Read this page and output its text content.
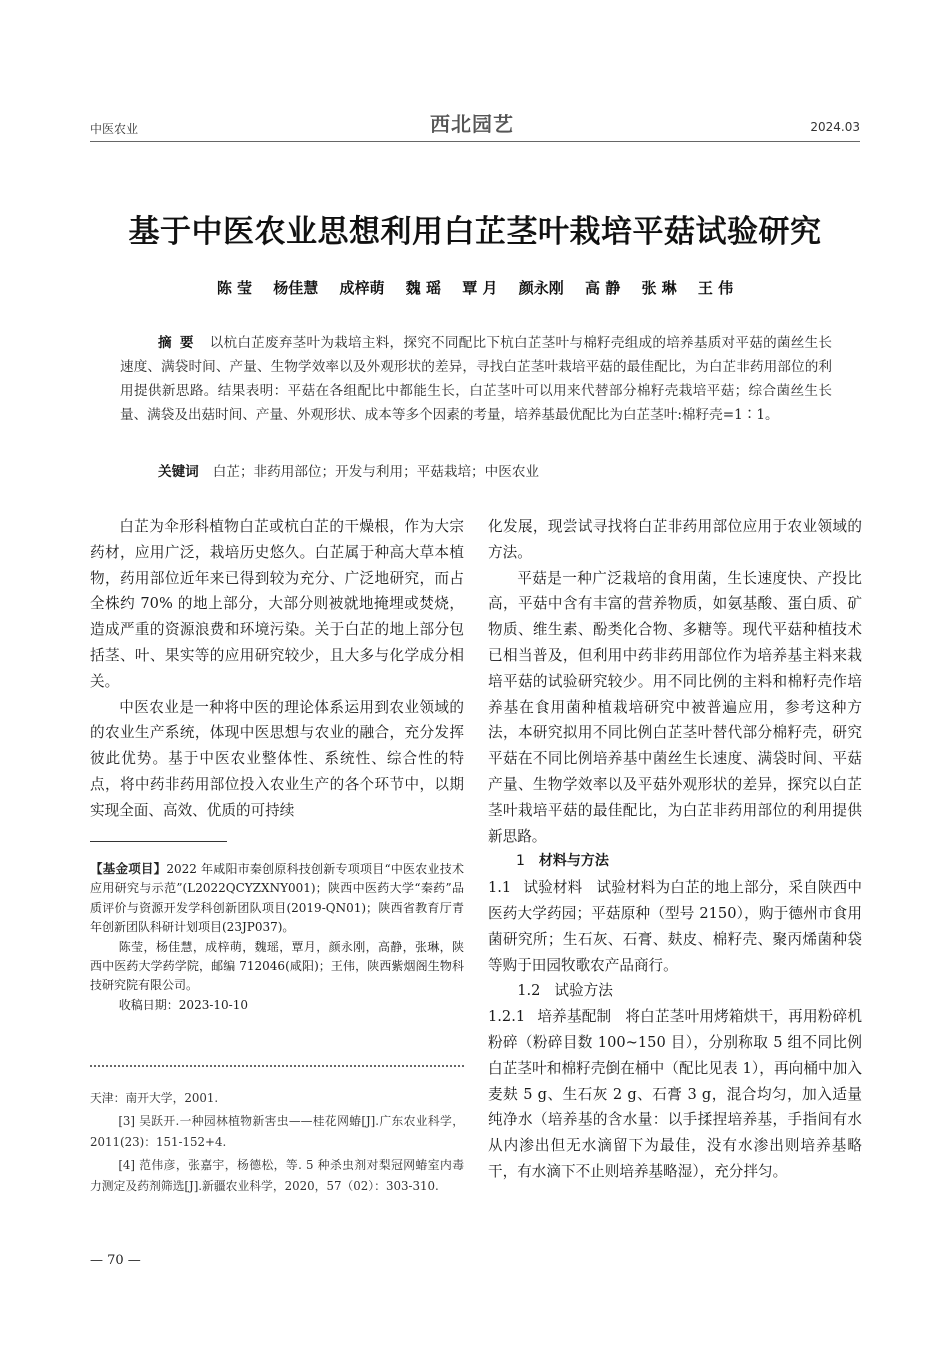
中医农业	西北园艺	2024.03
基于中医农业思想利用白芷茎叶栽培平菇试验研究
陈 莹 杨佳慧 成梓萌 魏 瑶 覃 月 颜永刚 高 静 张 琳 王 伟
摘要 以杭白芷废弃茎叶为栽培主料，探究不同配比下杭白芷茎叶与棉籽壳组成的培养基质对平菇的菌丝生长速度、满袋时间、产量、生物学效率以及外观形状的差异，寻找白芷茎叶栽培平菇的最佳配比，为白芷非药用部位的利用提供新思路。结果表明：平菇在各组配比中都能生长，白芷茎叶可以用来代替部分棉籽壳栽培平菇；综合菌丝生长量、满袋及出菇时间、产量、外观形状、成本等多个因素的考量，培养基最优配比为白芷茎叶:棉籽壳=1∶1。
关键词 白芷；非药用部位；开发与利用；平菇栽培；中医农业

白芷为伞形科植物白芷或杭白芷的干燥根，作为大宗药材，应用广泛，栽培历史悠久。白芷属于种高大草本植物，药用部位近年来已得到较为充分、广泛地研究，而占全株约 70% 的地上部分，大部分则被就地掩埋或焚烧，造成严重的资源浪费和环境污染。关于白芷的地上部分包括茎、叶、果实等的应用研究较少，且大多与化学成分相关。

中医农业是一种将中医的理论体系运用到农业领域的的农业生产系统，体现中医思想与农业的融合，充分发挥彼此优势。基于中医农业整体性、系统性、综合性的特点，将中药非药用部位投入农业生产的各个环节中，以期实现全面、高效、优质的可持续

【基金项目】2022 年咸阳市秦创原科技创新专项项目“中医农业技术应用研究与示范”(L2022QCYZXNY001)；陕西中医药大学“秦药”品质评价与资源开发学科创新团队项目(2019-QN01)；陕西省教育厅青年创新团队科研计划项目(23JP037)。

陈莹，杨佳慧，成梓萌，魏瑶，覃月，颜永刚，高静，张琳，陕西中医药大学药学院，邮编 712046(咸阳)；王伟，陕西紫烟阁生物科技研究院有限公司。

收稿日期：2023-10-10

天津：南开大学，2001.

[3] 吴跃开.一种园林植物新害虫——桂花网蝽[J].广东农业科学，2011(23)：151-152+4.

[4] 范伟彦，张嘉宇，杨德松，等. 5 种杀虫剂对梨冠网蝽室内毒力测定及药剂筛选[J].新疆农业科学，2020，57（02）：303-310.

化发展，现尝试寻找将白芷非药用部位应用于农业领域的方法。

平菇是一种广泛栽培的食用菌，生长速度快、产投比高，平菇中含有丰富的营养物质，如氨基酸、蛋白质、矿物质、维生素、酚类化合物、多糖等。现代平菇种植技术已相当普及，但利用中药非药用部位作为培养基主料来栽培平菇的试验研究较少。用不同比例的主料和棉籽壳作培养基在食用菌种植栽培研究中被普遍应用，参考这种方法，本研究拟用不同比例白芷茎叶替代部分棉籽壳，研究平菇在不同比例培养基中菌丝生长速度、满袋时间、平菇产量、生物学效率以及平菇外观形状的差异，探究以白芷茎叶栽培平菇的最佳配比，为白芷非药用部位的利用提供新思路。

1 材料与方法

1.1 试验材料 试验材料为白芷的地上部分，采自陕西中医药大学药园；平菇原种（型号 2150），购于德州市食用菌研究所；生石灰、石膏、麸皮、棉籽壳、聚丙烯菌种袋等购于田园牧歌农产品商行。

1.2 试验方法

1.2.1 培养基配制 将白芷茎叶用烤箱烘干，再用粉碎机粉碎（粉碎目数 100~150 目），分别称取 5 组不同比例白芷茎叶和棉籽壳倒在桶中（配比见表 1），再向桶中加入麦麸 5 g、生石灰 2 g、石膏 3 g，混合均匀，加入适量纯净水（培养基的含水量：以手揉捏培养基，手指间有水从内渗出但无水滴留下为最佳，没有水渗出则培养基略干，有水滴下不止则培养基略湿），充分拌匀。

— 70 —
